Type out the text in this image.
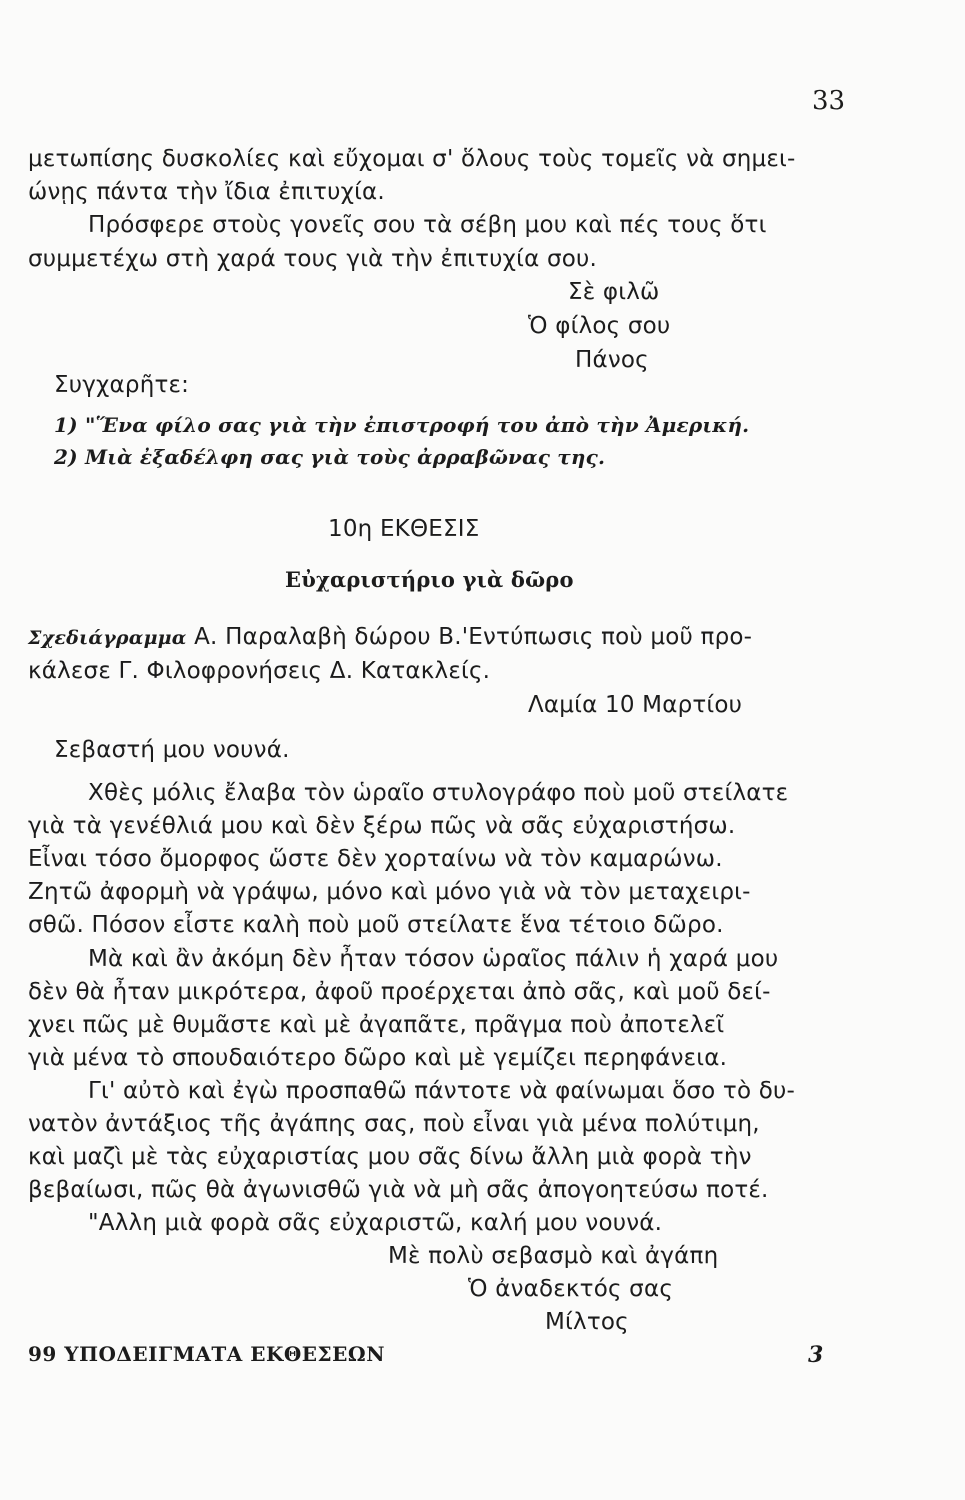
33
μετωπίσης δυσκολίες καὶ εὔχομαι σ' ὅλους τοὺς τομεῖς νὰ σημει-
ώνῃς πάντα τὴν ἴδια ἐπιτυχία.
Πρόσφερε στοὺς γονεῖς σου τὰ σέβη μου καὶ πές τους ὅτι
συμμετέχω στὴ χαρά τους γιὰ τὴν ἐπιτυχία σου.
Σὲ φιλῶ
Ὁ φίλος σου
Πάνος
Συγχαρῆτε:
1) "Ἕνα φίλο σας γιὰ τὴν ἐπιστροφή του ἀπὸ τὴν Ἀμερική.
2) Μιὰ ἐξαδέλφη σας γιὰ τοὺς ἀρραβῶνας της.
10η ΕΚΘΕΣΙΣ
Εὐχαριστήριο γιὰ δῶρο
Σχεδιάγραμμα Α. Παραλαβὴ δώρου Β.'Εντύπωσις ποὺ μοῦ προ-
κάλεσε Γ. Φιλοφρονήσεις Δ. Κατακλείς.
Λαμία 10 Μαρτίου
Σεβαστή μου νουνά.
Χθὲς μόλις ἔλαβα τὸν ὡραῖο στυλογράφο ποὺ μοῦ στείλατε
γιὰ τὰ γενέθλιά μου καὶ δὲν ξέρω πῶς νὰ σᾶς εὐχαριστήσω.
Εἶναι τόσο ὄμορφος ὥστε δὲν χορταίνω νὰ τὸν καμαρώνω.
Ζητῶ ἀφορμὴ νὰ γράψω, μόνο καὶ μόνο γιὰ νὰ τὸν μεταχειρι-
σθῶ. Πόσον εἶστε καλὴ ποὺ μοῦ στείλατε ἕνα τέτοιο δῶρο.
Μὰ καὶ ἂν ἀκόμη δὲν ἦταν τόσον ὡραῖος πάλιν ἡ χαρά μου
δὲν θὰ ἦταν μικρότερα, ἀφοῦ προέρχεται ἀπὸ σᾶς, καὶ μοῦ δεί-
χνει πῶς μὲ θυμᾶστε καὶ μὲ ἀγαπᾶτε, πρᾶγμα ποὺ ἀποτελεῖ
γιὰ μένα τὸ σπουδαιότερο δῶρο καὶ μὲ γεμίζει περηφάνεια.
Γι' αὐτὸ καὶ ἐγὼ προσπαθῶ πάντοτε νὰ φαίνωμαι ὅσο τὸ δυ-
νατὸν ἀντάξιος τῆς ἀγάπης σας, ποὺ εἶναι γιὰ μένα πολύτιμη,
καὶ μαζὶ μὲ τὰς εὐχαριστίας μου σᾶς δίνω ἄλλη μιὰ φορὰ τὴν
βεβαίωσι, πῶς θὰ ἀγωνισθῶ γιὰ νὰ μὴ σᾶς ἀπογοητεύσω ποτέ.
"Αλλη μιὰ φορὰ σᾶς εὐχαριστῶ, καλή μου νουνά.
Μὲ πολὺ σεβασμὸ καὶ ἀγάπη
Ὁ ἀναδεκτός σας
Μίλτος
99 ΥΠΟΔΕΙΓΜΑΤΑ ΕΚΘΕΣΕΩΝ	3
